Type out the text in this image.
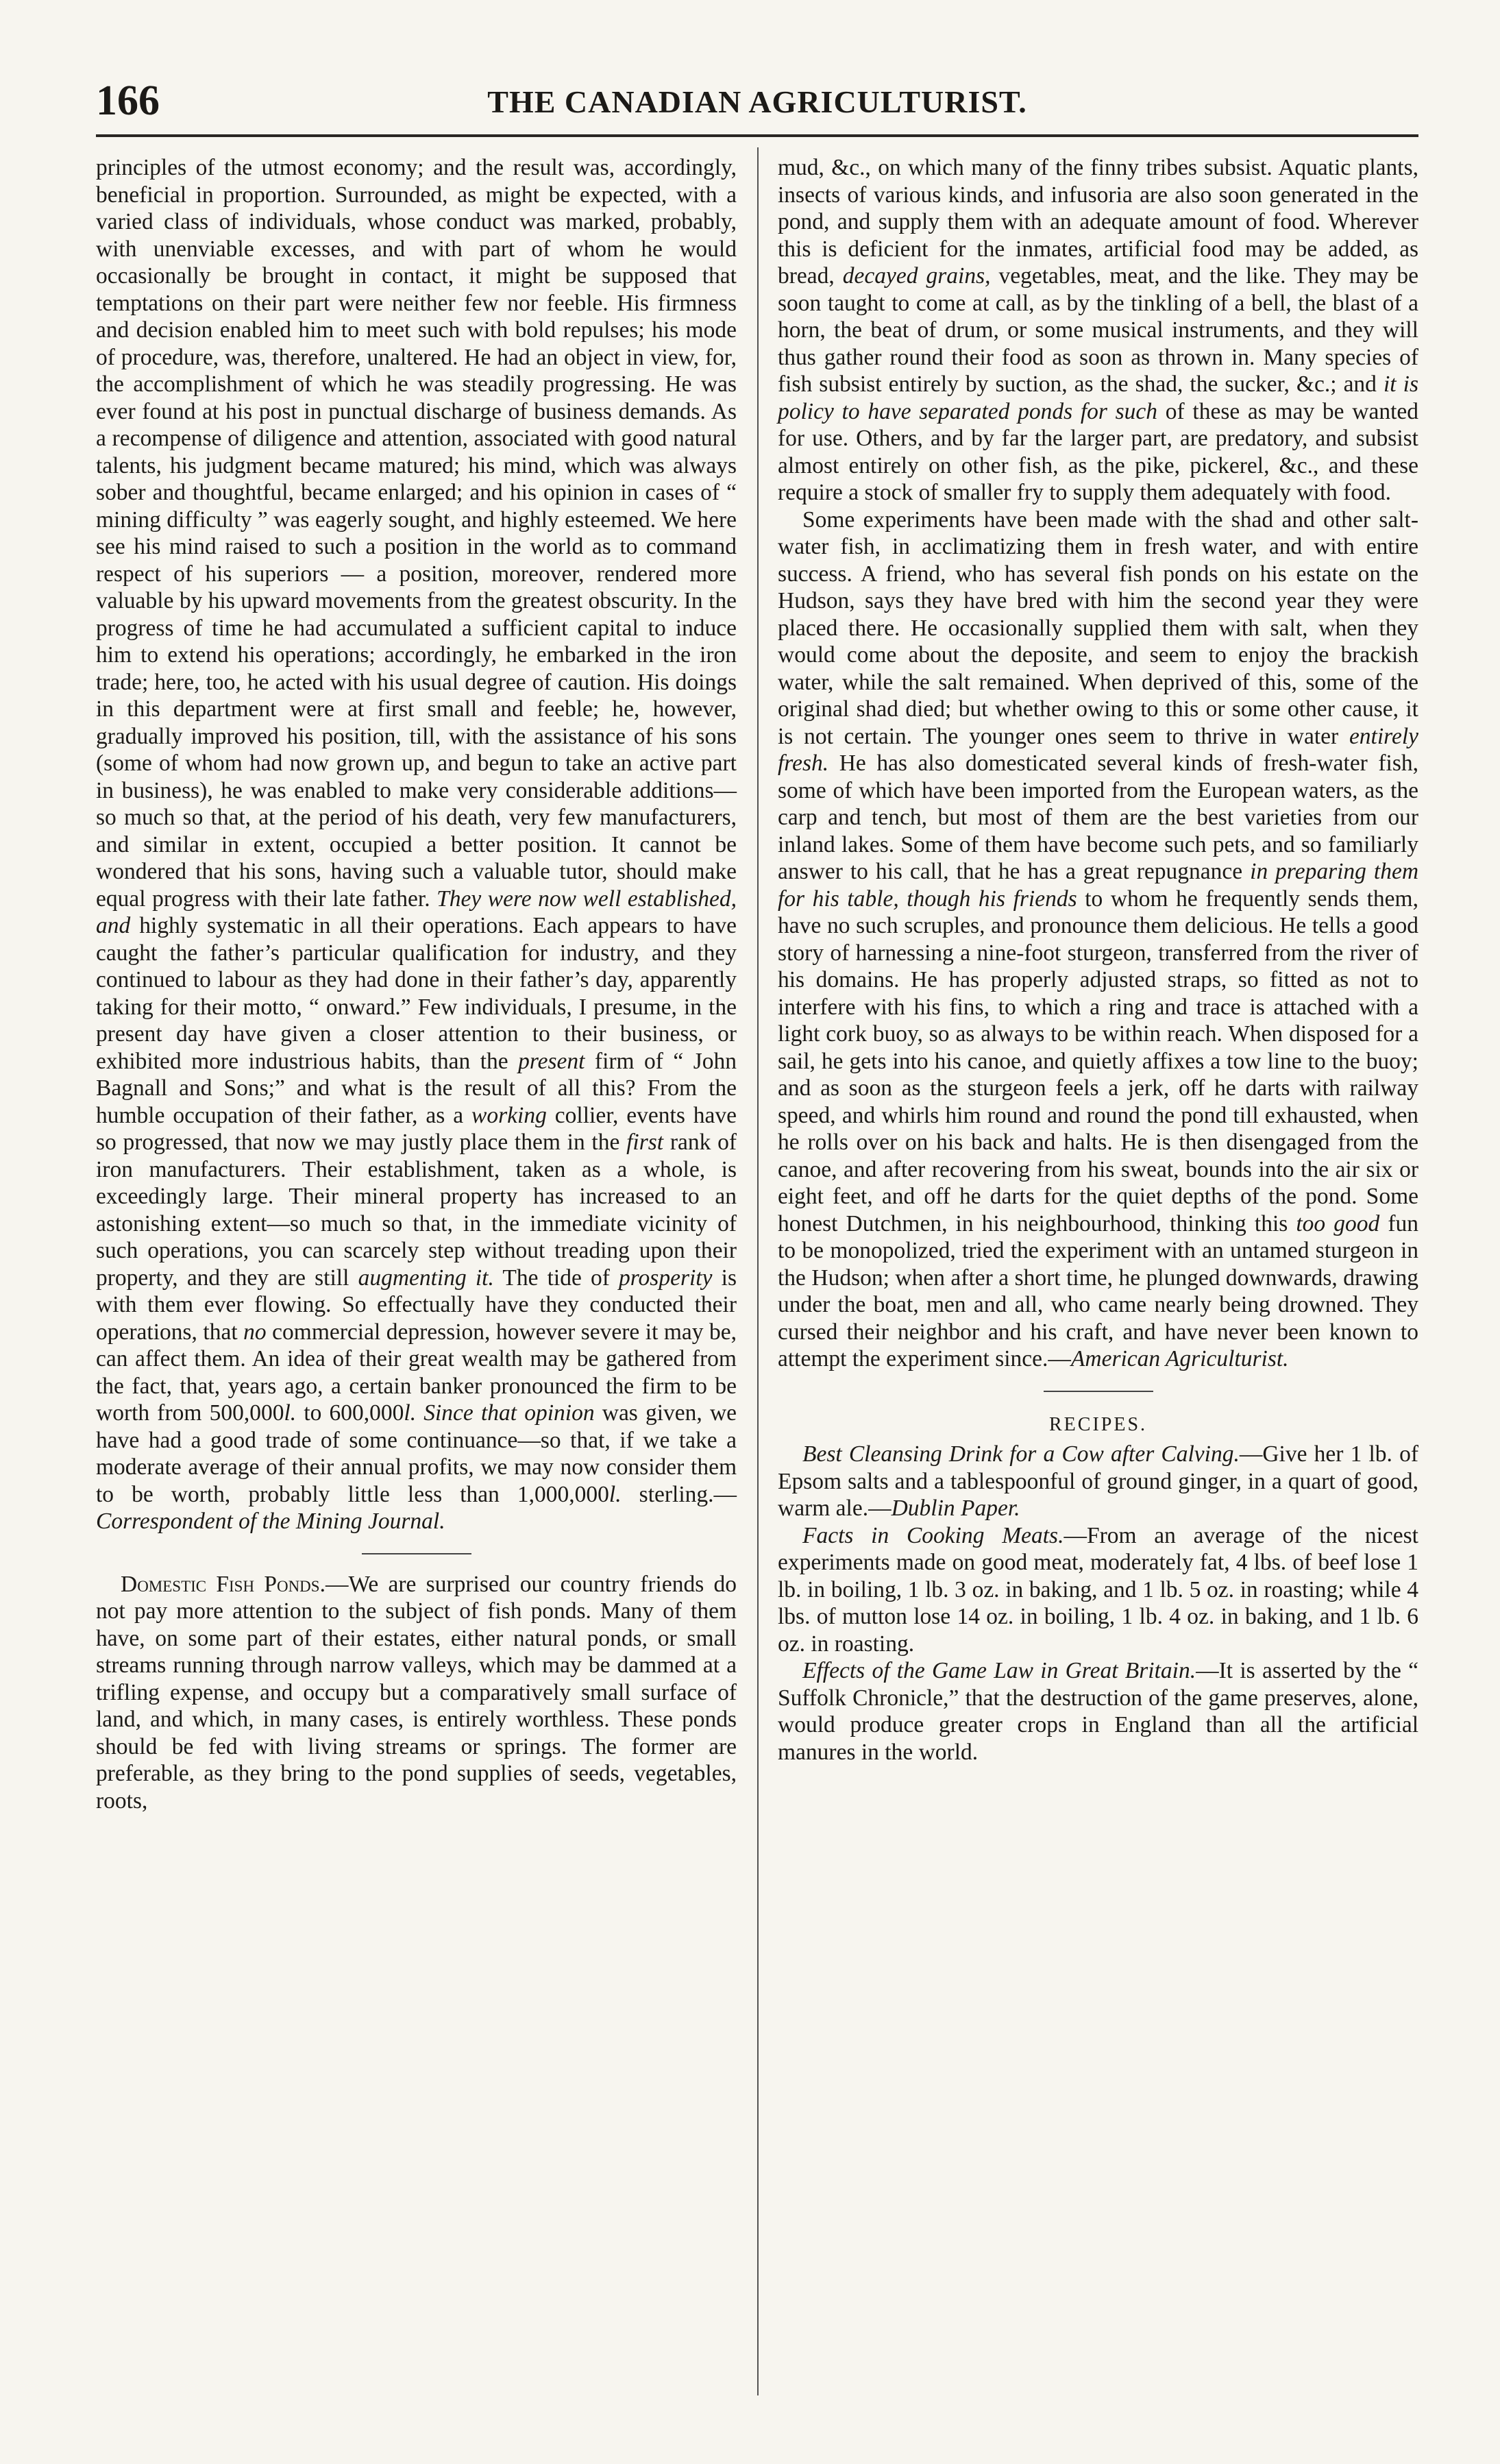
166	THE CANADIAN AGRICULTURIST.

principles of the utmost economy; and the result was, accordingly, beneficial in proportion. Surrounded, as might be expected, with a varied class of individuals, whose conduct was marked, probably, with unenviable excesses, and with part of whom he would occasionally be brought in contact, it might be supposed that temptations on their part were neither few nor feeble. His firmness and decision enabled him to meet such with bold repulses; his mode of procedure, was, therefore, unaltered. He had an object in view, for, the accomplishment of which he was steadily progressing. He was ever found at his post in punctual discharge of business demands. As a recompense of diligence and attention, associated with good natural talents, his judgment became matured; his mind, which was always sober and thoughtful, became enlarged; and his opinion in cases of “ mining difficulty ” was eagerly sought, and highly esteemed. We here see his mind raised to such a position in the world as to command respect of his superiors — a position, moreover, rendered more valuable by his upward movements from the greatest obscurity. In the progress of time he had accumulated a sufficient capital to induce him to extend his operations; accordingly, he embarked in the iron trade; here, too, he acted with his usual degree of caution. His doings in this department were at first small and feeble; he, however, gradually improved his position, till, with the assistance of his sons (some of whom had now grown up, and begun to take an active part in business), he was enabled to make very considerable additions—so much so that, at the period of his death, very few manufacturers, and similar in extent, occupied a better position. It cannot be wondered that his sons, having such a valuable tutor, should make equal progress with their late father. They were now well established, and highly systematic in all their operations. Each appears to have caught the father’s particular qualification for industry, and they continued to labour as they had done in their father’s day, apparently taking for their motto, “ onward.” Few individuals, I presume, in the present day have given a closer attention to their business, or exhibited more industrious habits, than the present firm of “ John Bagnall and Sons;” and what is the result of all this? From the humble occupation of their father, as a working collier, events have so progressed, that now we may justly place them in the first rank of iron manufacturers. Their establishment, taken as a whole, is exceedingly large. Their mineral property has increased to an astonishing extent—so much so that, in the immediate vicinity of such operations, you can scarcely step without treading upon their property, and they are still augmenting it. The tide of prosperity is with them ever flowing. So effectually have they conducted their operations, that no commercial depression, however severe it may be, can affect them. An idea of their great wealth may be gathered from the fact, that, years ago, a certain banker pronounced the firm to be worth from 500,000l. to 600,000l. Since that opinion was given, we have had a good trade of some continuance—so that, if we take a moderate average of their annual profits, we may now consider them to be worth, probably little less than 1,000,000l. sterling.—Correspondent of the Mining Journal.

Domestic Fish Ponds.—We are surprised our country friends do not pay more attention to the subject of fish ponds. Many of them have, on some part of their estates, either natural ponds, or small streams running through narrow valleys, which may be dammed at a trifling expense, and occupy but a comparatively small surface of land, and which, in many cases, is entirely worthless. These ponds should be fed with living streams or springs. The former are preferable, as they bring to the pond supplies of seeds, vegetables, roots,

mud, &c., on which many of the finny tribes subsist. Aquatic plants, insects of various kinds, and infusoria are also soon generated in the pond, and supply them with an adequate amount of food. Wherever this is deficient for the inmates, artificial food may be added, as bread, decayed grains, vegetables, meat, and the like. They may be soon taught to come at call, as by the tinkling of a bell, the blast of a horn, the beat of drum, or some musical instruments, and they will thus gather round their food as soon as thrown in. Many species of fish subsist entirely by suction, as the shad, the sucker, &c.; and it is policy to have separated ponds for such of these as may be wanted for use. Others, and by far the larger part, are predatory, and subsist almost entirely on other fish, as the pike, pickerel, &c., and these require a stock of smaller fry to supply them adequately with food.

Some experiments have been made with the shad and other salt-water fish, in acclimatizing them in fresh water, and with entire success. A friend, who has several fish ponds on his estate on the Hudson, says they have bred with him the second year they were placed there. He occasionally supplied them with salt, when they would come about the deposite, and seem to enjoy the brackish water, while the salt remained. When deprived of this, some of the original shad died; but whether owing to this or some other cause, it is not certain. The younger ones seem to thrive in water entirely fresh. He has also domesticated several kinds of fresh-water fish, some of which have been imported from the European waters, as the carp and tench, but most of them are the best varieties from our inland lakes. Some of them have become such pets, and so familiarly answer to his call, that he has a great repugnance in preparing them for his table, though his friends to whom he frequently sends them, have no such scruples, and pronounce them delicious. He tells a good story of harnessing a nine-foot sturgeon, transferred from the river of his domains. He has properly adjusted straps, so fitted as not to interfere with his fins, to which a ring and trace is attached with a light cork buoy, so as always to be within reach. When disposed for a sail, he gets into his canoe, and quietly affixes a tow line to the buoy; and as soon as the sturgeon feels a jerk, off he darts with railway speed, and whirls him round and round the pond till exhausted, when he rolls over on his back and halts. He is then disengaged from the canoe, and after recovering from his sweat, bounds into the air six or eight feet, and off he darts for the quiet depths of the pond. Some honest Dutchmen, in his neighbourhood, thinking this too good fun to be monopolized, tried the experiment with an untamed sturgeon in the Hudson; when after a short time, he plunged downwards, drawing under the boat, men and all, who came nearly being drowned. They cursed their neighbor and his craft, and have never been known to attempt the experiment since.—American Agriculturist.

RECIPES.

Best Cleansing Drink for a Cow after Calving.—Give her 1 lb. of Epsom salts and a tablespoonful of ground ginger, in a quart of good, warm ale.—Dublin Paper.

Facts in Cooking Meats.—From an average of the nicest experiments made on good meat, moderately fat, 4 lbs. of beef lose 1 lb. in boiling, 1 lb. 3 oz. in baking, and 1 lb. 5 oz. in roasting; while 4 lbs. of mutton lose 14 oz. in boiling, 1 lb. 4 oz. in baking, and 1 lb. 6 oz. in roasting.

Effects of the Game Law in Great Britain.—It is asserted by the “ Suffolk Chronicle,” that the destruction of the game preserves, alone, would produce greater crops in England than all the artificial manures in the world.
